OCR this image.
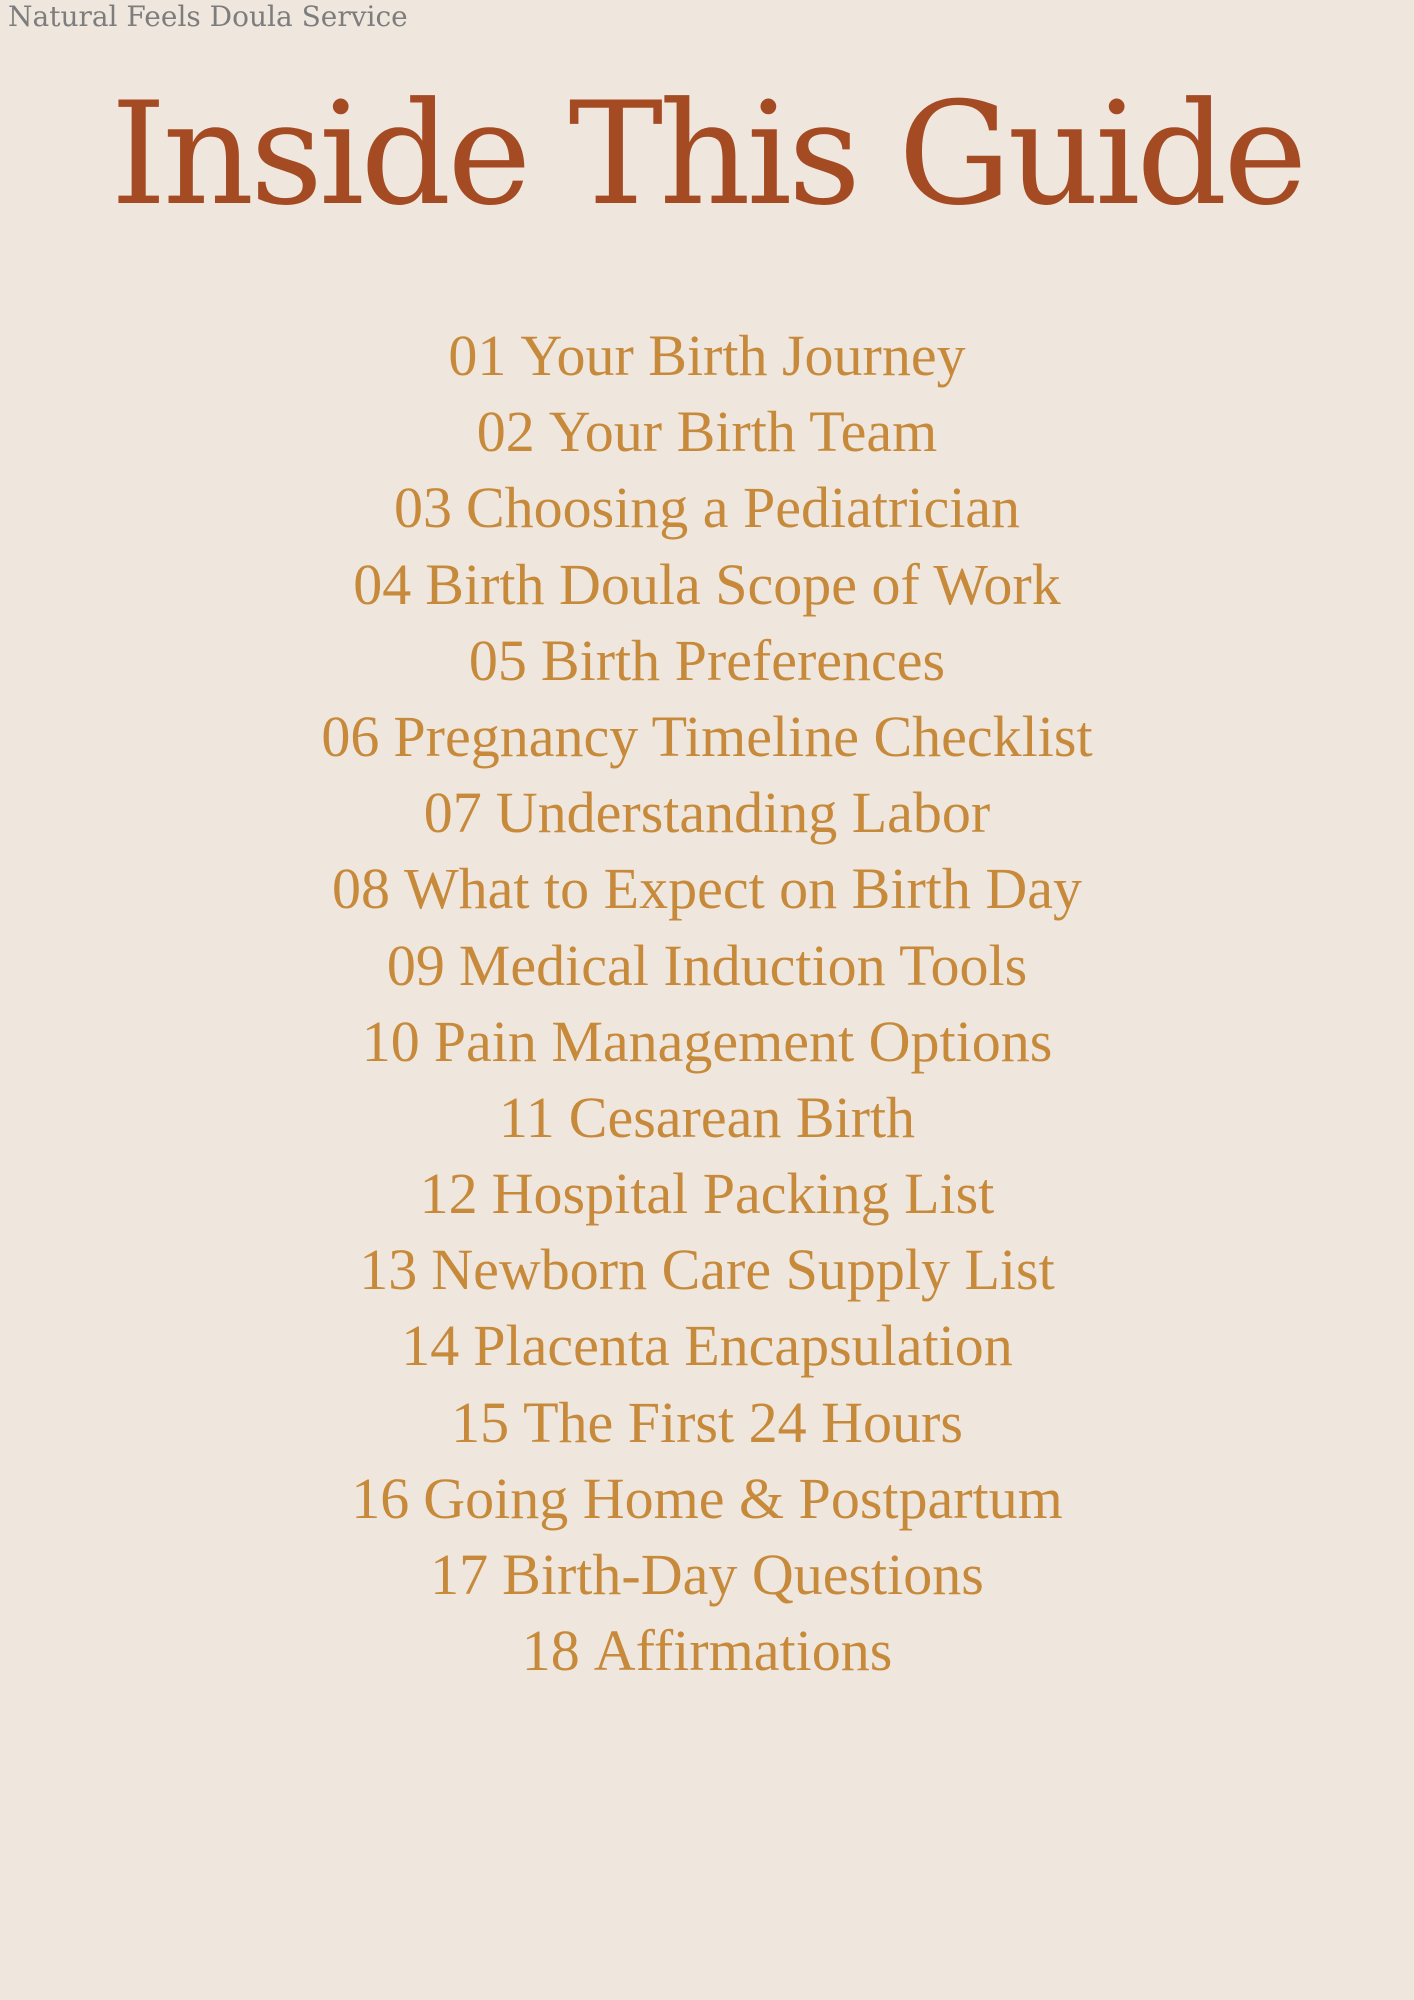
Natural Feels Doula Service
Inside This Guide
01 Your Birth Journey
02 Your Birth Team
03 Choosing a Pediatrician
04 Birth Doula Scope of Work
05 Birth Preferences
06 Pregnancy Timeline Checklist
07 Understanding Labor
08 What to Expect on Birth Day
09 Medical Induction Tools
10 Pain Management Options
11 Cesarean Birth
12 Hospital Packing List
13 Newborn Care Supply List
14 Placenta Encapsulation
15 The First 24 Hours
16 Going Home & Postpartum
17 Birth-Day Questions
18 Affirmations
